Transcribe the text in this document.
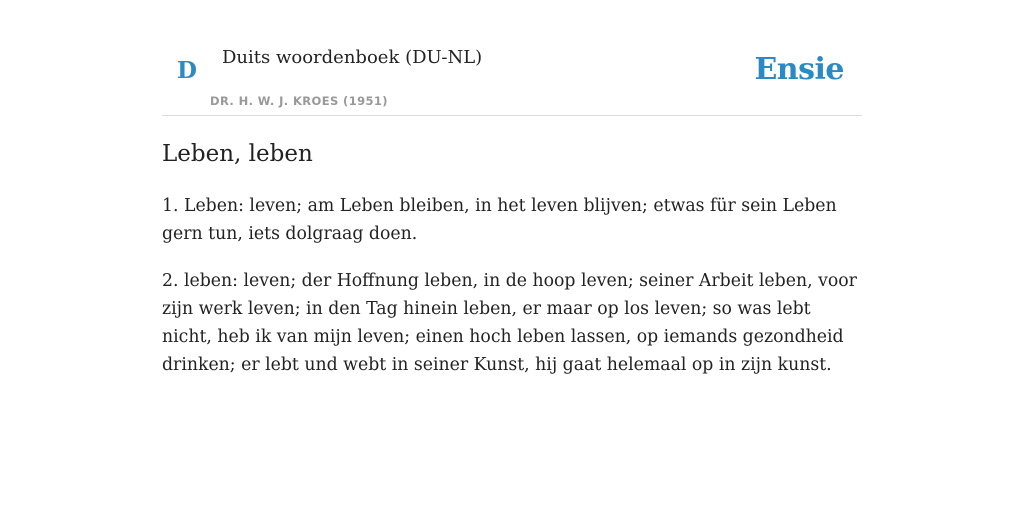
D Duits woordenboek (DU-NL)
DR. H. W. J. KROES (1951)
Ensie
Leben, leben

1. Leben: leven; am Leben bleiben, in het leven blijven; etwas für sein Leben gern tun, iets dolgraag doen.

2. leben: leven; der Hoffnung leben, in de hoop leven; seiner Arbeit leben, voor zijn werk leven; in den Tag hinein leben, er maar op los leven; so was lebt nicht, heb ik van mijn leven; einen hoch leben lassen, op iemands gezondheid drinken; er lebt und webt in seiner Kunst, hij gaat helemaal op in zijn kunst.
